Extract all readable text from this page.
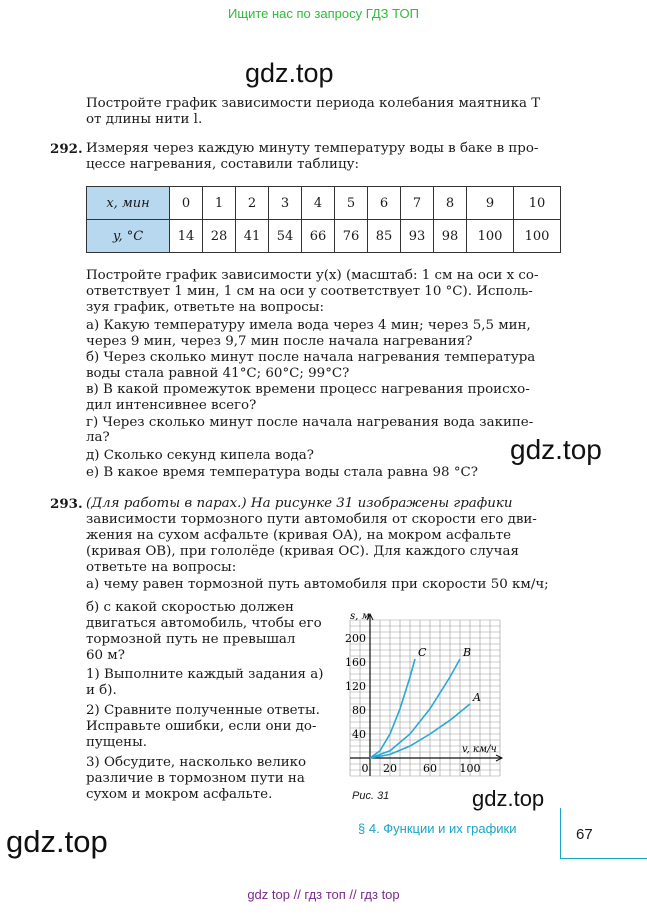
Ищите нас по запросу ГДЗ ТОП
gdz.top
Постройте график зависимости периода колебания маятника T
от длины нити l.
292. Измеряя через каждую минуту температуру воды в баке в про-
цессе нагревания, составили таблицу:
x, мин	0	1	2	3	4	5	6	7	8	9	10
y, °C	14	28	41	54	66	76	85	93	98	100	100
Постройте график зависимости y(x) (масштаб: 1 см на оси x со-
ответствует 1 мин, 1 см на оси y соответствует 10 °C). Исполь-
зуя график, ответьте на вопросы:
а) Какую температуру имела вода через 4 мин; через 5,5 мин,
через 9 мин, через 9,7 мин после начала нагревания?
б) Через сколько минут после начала нагревания температура
воды стала равной 41°C; 60°C; 99°C?
в) В какой промежуток времени процесс нагревания происхо-
дил интенсивнее всего?
г) Через сколько минут после начала нагревания вода закипе-
ла?
д) Сколько секунд кипела вода?
е) В какое время температура воды стала равна 98 °C?
gdz.top
293. (Для работы в парах.) На рисунке 31 изображены графики
зависимости тормозного пути автомобиля от скорости его дви-
жения на сухом асфальте (кривая OA), на мокром асфальте
(кривая OB), при гололёде (кривая OC). Для каждого случая
ответьте на вопросы:
а) чему равен тормозной путь автомобиля при скорости 50 км/ч;
б) с какой скоростью должен
двигаться автомобиль, чтобы его
тормозной путь не превышал
60 м?
1) Выполните каждый задания а)
и б).
2) Сравните полученные ответы.
Исправьте ошибки, если они до-
пущены.
3) Обсудите, насколько велико
различие в тормозном пути на
сухом и мокром асфальте.
s, м
v, км/ч
200
160
120
80
40
0 20 60 100
C	B
A
Рис. 31	gdz.top
gdz.top	§ 4. Функции и их графики	67
gdz top // гдз топ // гдз top
